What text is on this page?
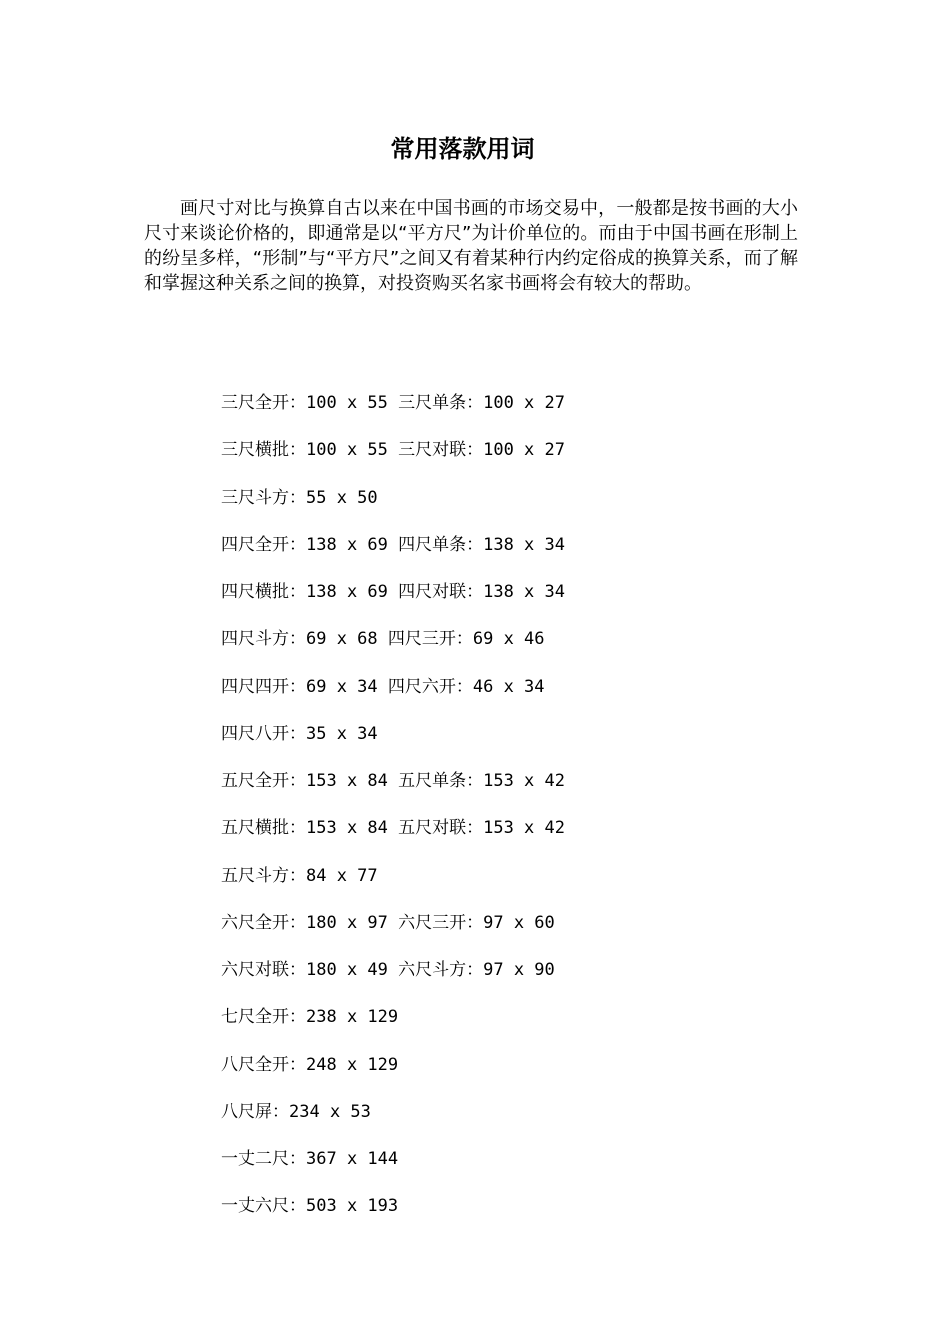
常用落款用词

画尺寸对比与换算自古以来在中国书画的市场交易中，一般都是按书画的大小尺寸来谈论价格的，即通常是以“平方尺”为计价单位的。而由于中国书画在形制上的纷呈多样，“形制”与“平方尺”之间又有着某种行内约定俗成的换算关系，而了解和掌握这种关系之间的换算，对投资购买名家书画将会有较大的帮助。

三尺全开：100 x 55 三尺单条：100 x 27
三尺横批：100 x 55 三尺对联：100 x 27
三尺斗方：55 x 50
四尺全开：138 x 69 四尺单条：138 x 34
四尺横批：138 x 69 四尺对联：138 x 34
四尺斗方：69 x 68 四尺三开：69 x 46
四尺四开：69 x 34 四尺六开：46 x 34
四尺八开：35 x 34
五尺全开：153 x 84 五尺单条：153 x 42
五尺横批：153 x 84 五尺对联：153 x 42
五尺斗方：84 x 77
六尺全开：180 x 97 六尺三开：97 x 60
六尺对联：180 x 49 六尺斗方：97 x 90
七尺全开：238 x 129
八尺全开：248 x 129
八尺屏：234 x 53
一丈二尺：367 x 144
一丈六尺：503 x 193
